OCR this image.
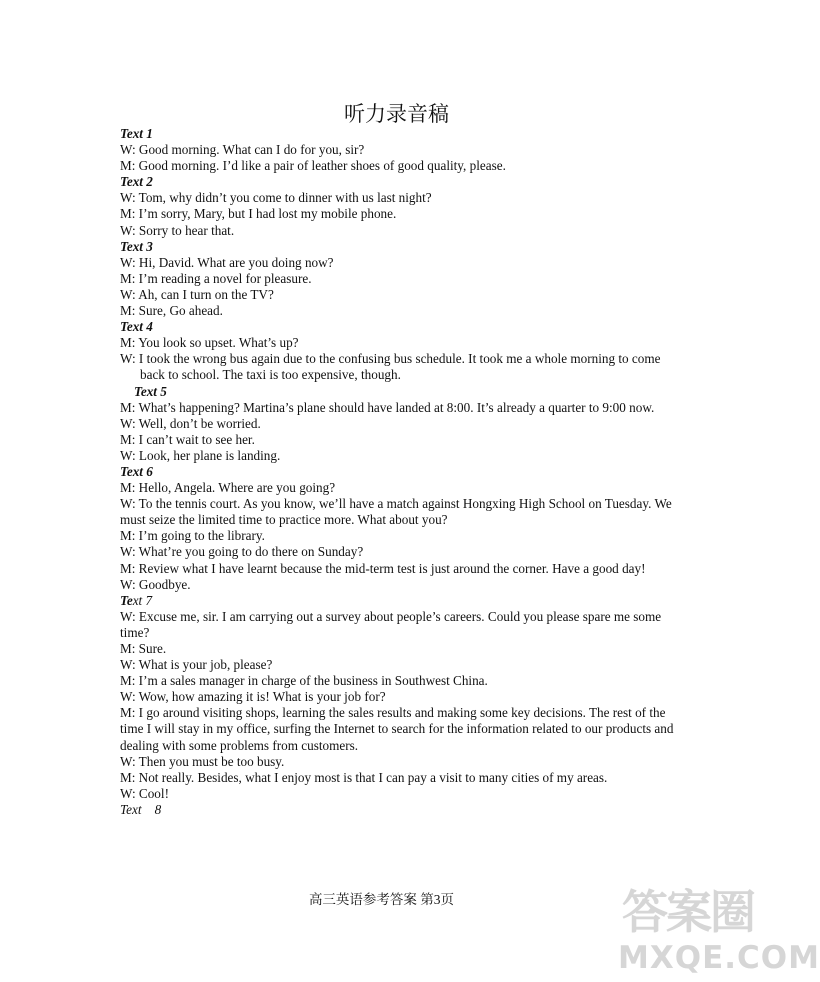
听力录音稿
Text 1
W: Good morning. What can I do for you, sir?
M: Good morning. I’d like a pair of leather shoes of good quality, please.
Text 2
W: Tom, why didn’t you come to dinner with us last night?
M: I’m sorry, Mary, but I had lost my mobile phone.
W: Sorry to hear that.
Text 3
W: Hi, David. What are you doing now?
M: I’m reading a novel for pleasure.
W: Ah, can I turn on the TV?
M: Sure, Go ahead.
Text 4
M: You look so upset. What’s up?
W: I took the wrong bus again due to the confusing bus schedule. It took me a whole morning to come back to school. The taxi is too expensive, though.
Text 5
M: What’s happening? Martina’s plane should have landed at 8:00. It’s already a quarter to 9:00 now.
W: Well, don’t be worried.
M: I can’t wait to see her.
W: Look, her plane is landing.
Text 6
M: Hello, Angela. Where are you going?
W: To the tennis court. As you know, we’ll have a match against Hongxing High School on Tuesday. We must seize the limited time to practice more. What about you?
M: I’m going to the library.
W: What’re you going to do there on Sunday?
M: Review what I have learnt because the mid-term test is just around the corner. Have a good day!
W: Goodbye.
Text 7
W: Excuse me, sir. I am carrying out a survey about people’s careers. Could you please spare me some time?
M: Sure.
W: What is your job, please?
M: I’m a sales manager in charge of the business in Southwest China.
W: Wow, how amazing it is! What is your job for?
M: I go around visiting shops, learning the sales results and making some key decisions. The rest of the time I will stay in my office, surfing the Internet to search for the information related to our products and dealing with some problems from customers.
W: Then you must be too busy.
M: Not really. Besides, what I enjoy most is that I can pay a visit to many cities of my areas.
W: Cool!
Text    8
高三英语参考答案 第3页	答案圈
MXQE.COM
